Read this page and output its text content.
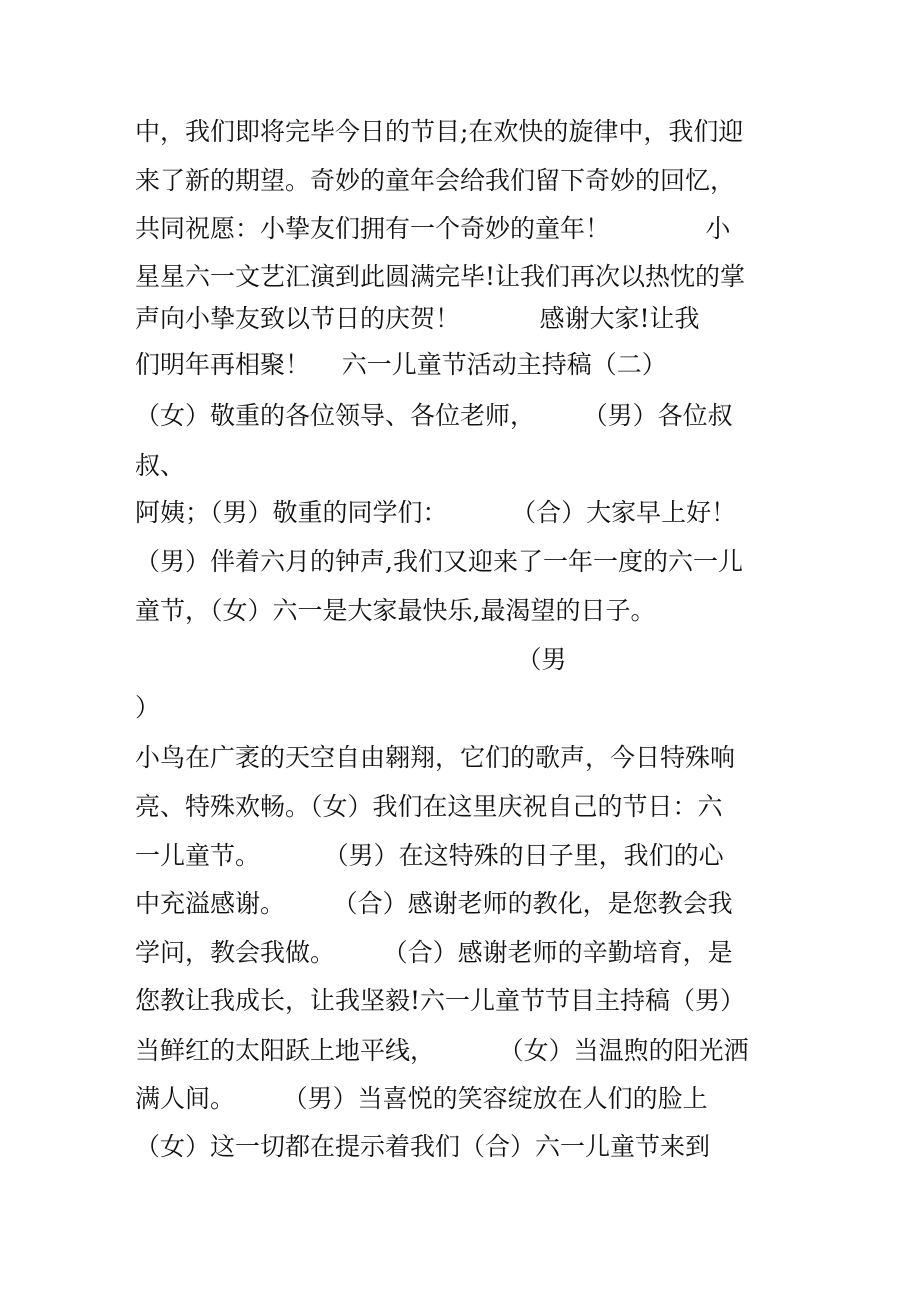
中，我们即将完毕今日的节目;在欢快的旋律中，我们迎
来了新的期望。奇妙的童年会给我们留下奇妙的回忆，
共同祝愿：小挚友们拥有一个奇妙的童年！            小
星星六一文艺汇演到此圆满完毕!让我们再次以热忱的掌
声向小挚友致以节日的庆贺！          感谢大家!让我
们明年再相聚！    六一儿童节活动主持稿（二）
（女）敬重的各位领导、各位老师，      （男）各位叔
叔、
阿姨；（男）敬重的同学们：        （合）大家早上好！
（男）伴着六月的钟声,我们又迎来了一年一度的六一儿
童节，（女）六一是大家最快乐,最渴望的日子。
（男
）
小鸟在广袤的天空自由翱翔，它们的歌声，今日特殊响
亮、特殊欢畅。（女）我们在这里庆祝自己的节日：六
一儿童节。        （男）在这特殊的日子里，我们的心
中充溢感谢。      （合）感谢老师的教化，是您教会我
学问，教会我做。      （合）感谢老师的辛勤培育，是
您教让我成长，让我坚毅!六一儿童节节目主持稿（男）
当鲜红的太阳跃上地平线，        （女）当温煦的阳光洒
满人间。      （男）当喜悦的笑容绽放在人们的脸上
（女）这一切都在提示着我们（合）六一儿童节来到
